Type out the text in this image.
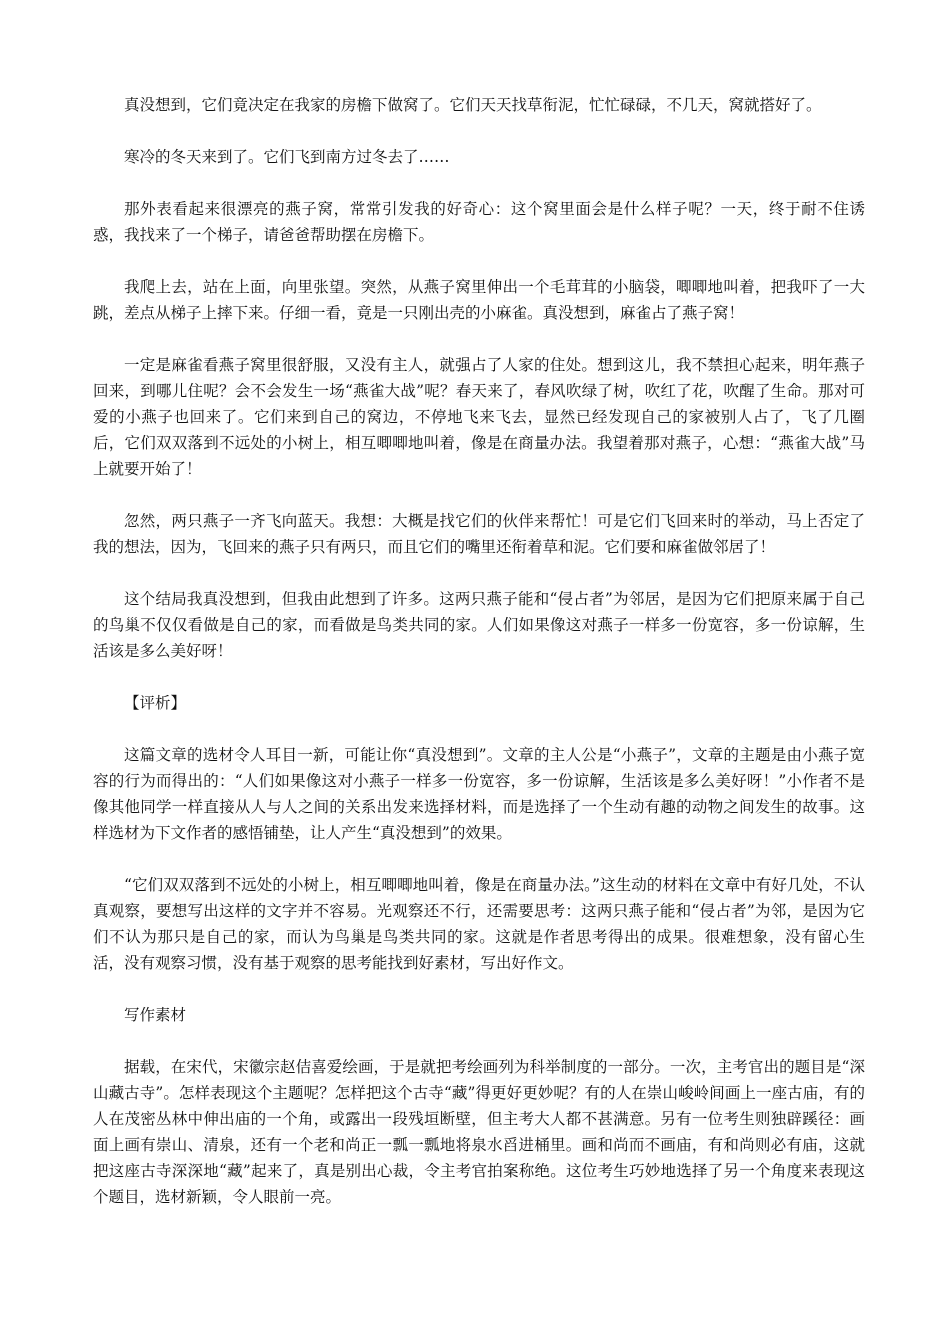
真没想到，它们竟决定在我家的房檐下做窝了。它们天天找草衔泥，忙忙碌碌，不几天，窝就搭好了。

寒冷的冬天来到了。它们飞到南方过冬去了……

那外表看起来很漂亮的燕子窝，常常引发我的好奇心：这个窝里面会是什么样子呢？一天，终于耐不住诱惑，我找来了一个梯子，请爸爸帮助摆在房檐下。

我爬上去，站在上面，向里张望。突然，从燕子窝里伸出一个毛茸茸的小脑袋，唧唧地叫着，把我吓了一大跳，差点从梯子上摔下来。仔细一看，竟是一只刚出壳的小麻雀。真没想到，麻雀占了燕子窝！

一定是麻雀看燕子窝里很舒服，又没有主人，就强占了人家的住处。想到这儿，我不禁担心起来，明年燕子回来，到哪儿住呢？会不会发生一场“燕雀大战”呢？春天来了，春风吹绿了树，吹红了花，吹醒了生命。那对可爱的小燕子也回来了。它们来到自己的窝边，不停地飞来飞去，显然已经发现自己的家被别人占了，飞了几圈后，它们双双落到不远处的小树上，相互唧唧地叫着，像是在商量办法。我望着那对燕子，心想：“燕雀大战”马上就要开始了！

忽然，两只燕子一齐飞向蓝天。我想：大概是找它们的伙伴来帮忙！可是它们飞回来时的举动，马上否定了我的想法，因为，飞回来的燕子只有两只，而且它们的嘴里还衔着草和泥。它们要和麻雀做邻居了！

这个结局我真没想到，但我由此想到了许多。这两只燕子能和“侵占者”为邻居，是因为它们把原来属于自己的鸟巢不仅仅看做是自己的家，而看做是鸟类共同的家。人们如果像这对燕子一样多一份宽容，多一份谅解，生活该是多么美好呀！

【评析】

这篇文章的选材令人耳目一新，可能让你“真没想到”。文章的主人公是“小燕子”，文章的主题是由小燕子宽容的行为而得出的：“人们如果像这对小燕子一样多一份宽容，多一份谅解，生活该是多么美好呀！”小作者不是像其他同学一样直接从人与人之间的关系出发来选择材料，而是选择了一个生动有趣的动物之间发生的故事。这样选材为下文作者的感悟铺垫，让人产生“真没想到”的效果。

“它们双双落到不远处的小树上，相互唧唧地叫着，像是在商量办法。”这生动的材料在文章中有好几处，不认真观察，要想写出这样的文字并不容易。光观察还不行，还需要思考：这两只燕子能和“侵占者”为邻，是因为它们不认为那只是自己的家，而认为鸟巢是鸟类共同的家。这就是作者思考得出的成果。很难想象，没有留心生活，没有观察习惯，没有基于观察的思考能找到好素材，写出好作文。

写作素材

据载，在宋代，宋徽宗赵佶喜爱绘画，于是就把考绘画列为科举制度的一部分。一次，主考官出的题目是“深山藏古寺”。怎样表现这个主题呢？怎样把这个古寺“藏”得更好更妙呢？有的人在崇山峻岭间画上一座古庙，有的人在茂密丛林中伸出庙的一个角，或露出一段残垣断壁，但主考大人都不甚满意。另有一位考生则独辟蹊径：画面上画有崇山、清泉，还有一个老和尚正一瓢一瓢地将泉水舀进桶里。画和尚而不画庙，有和尚则必有庙，这就把这座古寺深深地“藏”起来了，真是别出心裁，令主考官拍案称绝。这位考生巧妙地选择了另一个角度来表现这个题目，选材新颖，令人眼前一亮。
